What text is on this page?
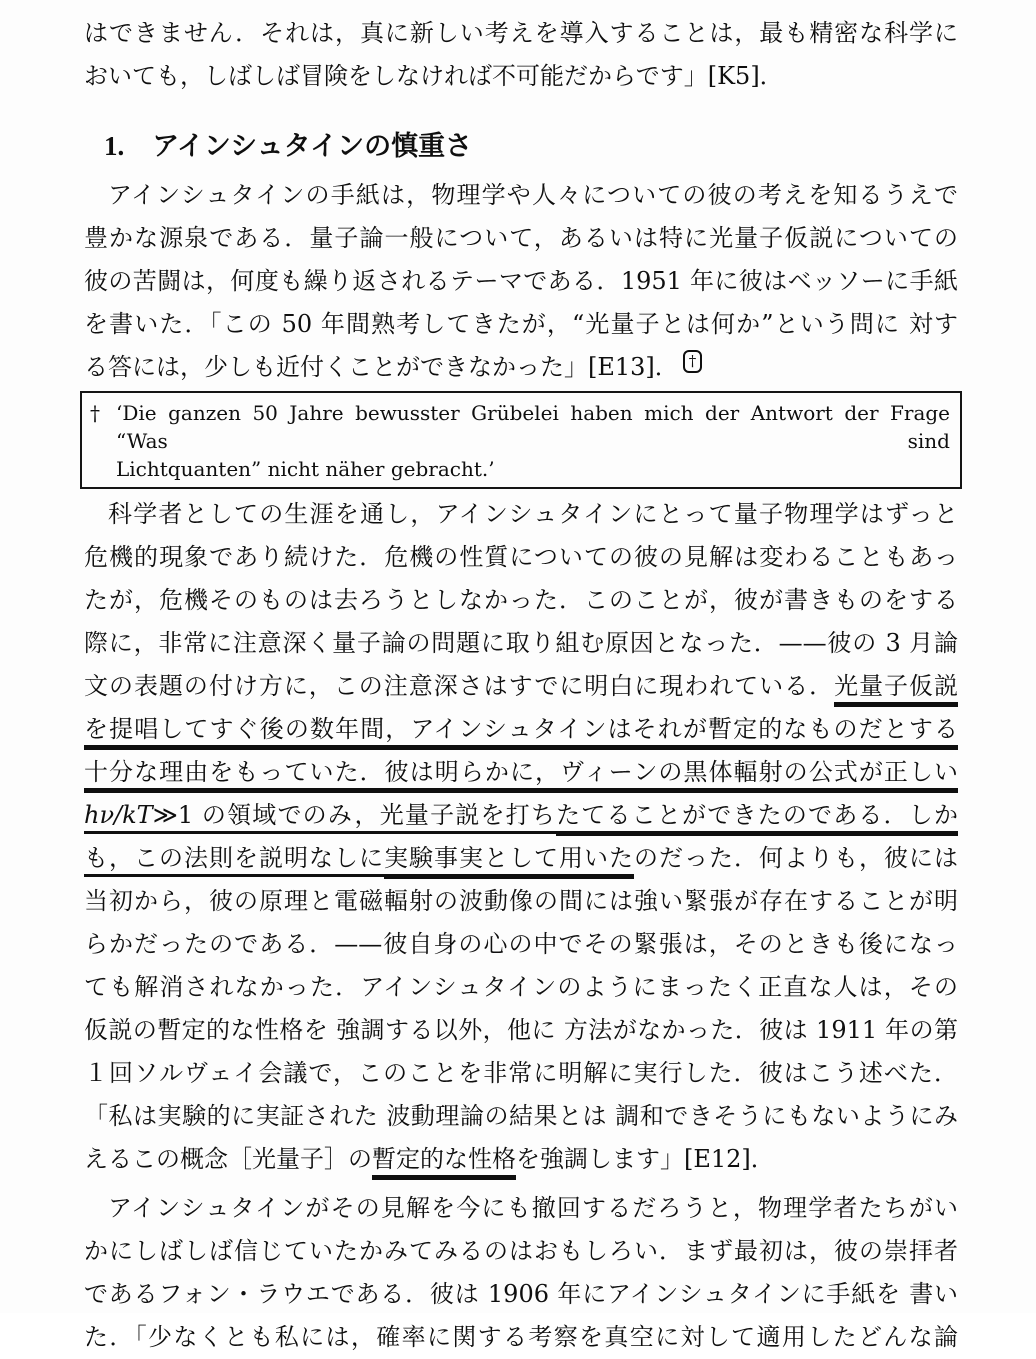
はできません．それは，真に新しい考えを導入することは，最も精密な科学に
おいても，しばしば冒険をしなければ不可能だからです」[K5]．
1. アインシュタインの慎重さ
アインシュタインの手紙は，物理学や人々についての彼の考えを知るうえで
豊かな源泉である．量子論一般について，あるいは特に光量子仮説についての
彼の苦闘は，何度も繰り返されるテーマである．1951 年に彼はベッソーに手紙
を書いた．「この 50 年間熟考してきたが，“光量子とは何か”という問に 対す
る答には，少しも近付くことができなかった」[E13]． †
† ‘Die ganzen 50 Jahre bewusster Grübelei haben mich der Antwort der Frage “Was sind
Lichtquanten” nicht näher gebracht.’
科学者としての生涯を通し，アインシュタインにとって量子物理学はずっと
危機的現象であり続けた．危機の性質についての彼の見解は変わることもあっ
たが，危機そのものは去ろうとしなかった．このことが，彼が書きものをする
際に，非常に注意深く量子論の問題に取り組む原因となった．——彼の 3 月論
文の表題の付け方に，この注意深さはすでに明白に現われている．光量子仮説
を提唱してすぐ後の数年間，アインシュタインはそれが暫定的なものだとする
十分な理由をもっていた．彼は明らかに，ヴィーンの黒体輻射の公式が正しい
hν/kT≫1 の領域でのみ，光量子説を打ちたてることができたのである．しか
も，この法則を説明なしに実験事実として用いたのだった．何よりも，彼には
当初から，彼の原理と電磁輻射の波動像の間には強い緊張が存在することが明
らかだったのである．——彼自身の心の中でその緊張は，そのときも後になっ
ても解消されなかった．アインシュタインのようにまったく正直な人は，その
仮説の暫定的な性格を 強調する以外，他に 方法がなかった．彼は 1911 年の第
１回ソルヴェイ会議で，このことを非常に明解に実行した．彼はこう述べた．
「私は実験的に実証された 波動理論の結果とは 調和できそうにもないようにみ
えるこの概念［光量子］の暫定的な性格を強調します」[E12]．
アインシュタインがその見解を今にも撤回するだろうと，物理学者たちがい
かにしばしば信じていたかみてみるのはおもしろい．まず最初は，彼の崇拝者
であるフォン・ラウエである．彼は 1906 年にアインシュタインに手紙を 書い
た．「少なくとも私には，確率に関する考察を真空に対して適用したどんな論
